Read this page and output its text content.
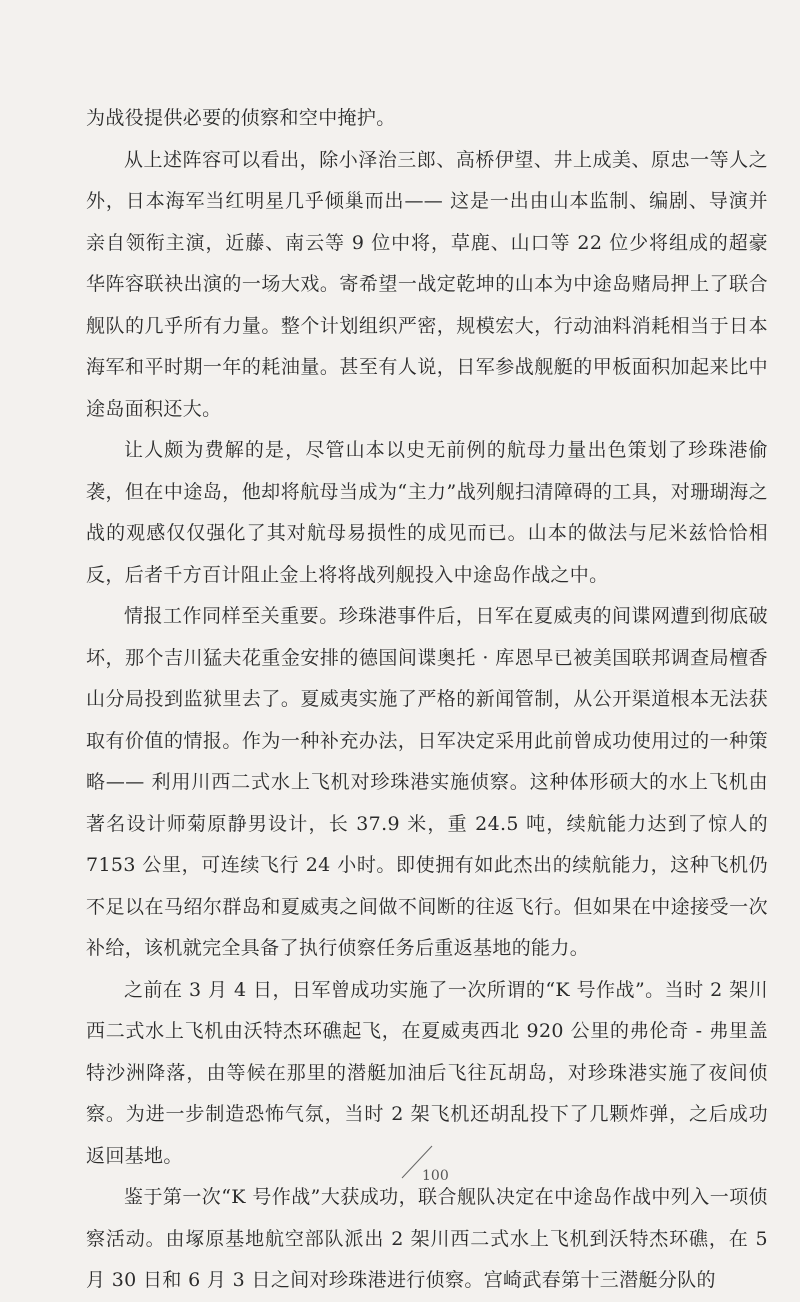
为战役提供必要的侦察和空中掩护。

从上述阵容可以看出，除小泽治三郎、高桥伊望、井上成美、原忠一等人之外，日本海军当红明星几乎倾巢而出—— 这是一出由山本监制、编剧、导演并亲自领衔主演，近藤、南云等 9 位中将，草鹿、山口等 22 位少将组成的超豪华阵容联袂出演的一场大戏。寄希望一战定乾坤的山本为中途岛赌局押上了联合舰队的几乎所有力量。整个计划组织严密，规模宏大，行动油料消耗相当于日本海军和平时期一年的耗油量。甚至有人说，日军参战舰艇的甲板面积加起来比中途岛面积还大。

让人颇为费解的是，尽管山本以史无前例的航母力量出色策划了珍珠港偷袭，但在中途岛，他却将航母当成为“主力”战列舰扫清障碍的工具，对珊瑚海之战的观感仅仅强化了其对航母易损性的成见而已。山本的做法与尼米兹恰恰相反，后者千方百计阻止金上将将战列舰投入中途岛作战之中。

情报工作同样至关重要。珍珠港事件后，日军在夏威夷的间谍网遭到彻底破坏，那个吉川猛夫花重金安排的德国间谍奥托 · 库恩早已被美国联邦调查局檀香山分局投到监狱里去了。夏威夷实施了严格的新闻管制，从公开渠道根本无法获取有价值的情报。作为一种补充办法，日军决定采用此前曾成功使用过的一种策略—— 利用川西二式水上飞机对珍珠港实施侦察。这种体形硕大的水上飞机由著名设计师菊原静男设计，长 37.9 米，重 24.5 吨，续航能力达到了惊人的 7153 公里，可连续飞行 24 小时。即使拥有如此杰出的续航能力，这种飞机仍不足以在马绍尔群岛和夏威夷之间做不间断的往返飞行。但如果在中途接受一次补给，该机就完全具备了执行侦察任务后重返基地的能力。

之前在 3 月 4 日，日军曾成功实施了一次所谓的“K 号作战”。当时 2 架川西二式水上飞机由沃特杰环礁起飞，在夏威夷西北 920 公里的弗伦奇 - 弗里盖特沙洲降落，由等候在那里的潜艇加油后飞往瓦胡岛，对珍珠港实施了夜间侦察。为进一步制造恐怖气氛，当时 2 架飞机还胡乱投下了几颗炸弹，之后成功返回基地。

鉴于第一次“K 号作战”大获成功，联合舰队决定在中途岛作战中列入一项侦察活动。由塚原基地航空部队派出 2 架川西二式水上飞机到沃特杰环礁，在 5 月 30 日和 6 月 3 日之间对珍珠港进行侦察。宫崎武春第十三潜艇分队的

100
